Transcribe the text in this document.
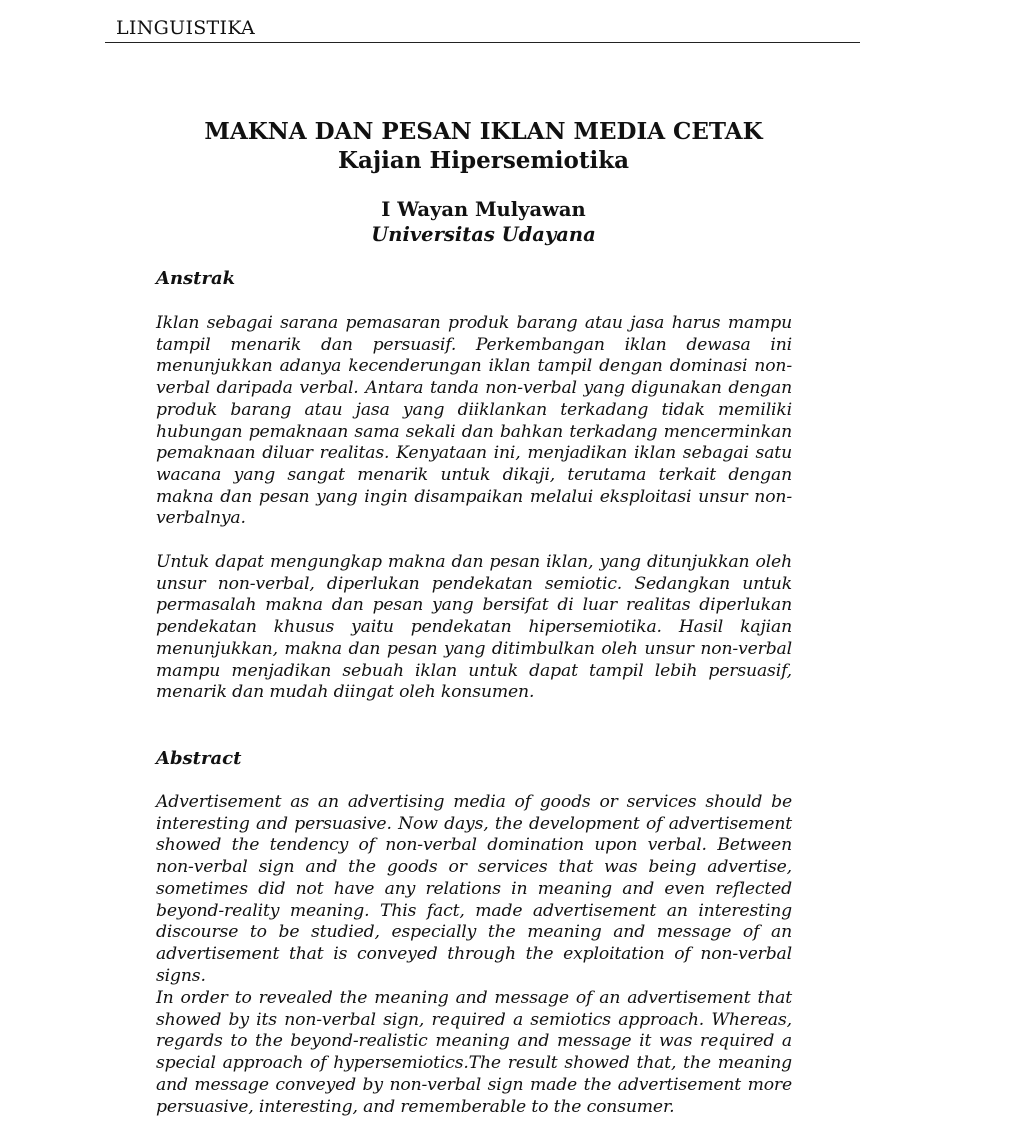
LINGUISTIKA
MAKNA DAN PESAN IKLAN MEDIA CETAK
Kajian Hipersemiotika
I Wayan Mulyawan
Universitas Udayana
Anstrak
Iklan sebagai sarana pemasaran produk barang atau jasa harus mampu tampil menarik dan persuasif. Perkembangan iklan dewasa ini menunjukkan adanya kecenderungan iklan tampil dengan dominasi non-verbal daripada verbal. Antara tanda non-verbal yang digunakan dengan produk barang atau jasa yang diiklankan terkadang tidak memiliki hubungan pemaknaan sama sekali dan bahkan terkadang mencerminkan pemaknaan diluar realitas. Kenyataan ini, menjadikan iklan sebagai satu wacana yang sangat menarik untuk dikaji, terutama terkait dengan makna dan pesan yang ingin disampaikan melalui eksploitasi unsur non-verbalnya.
Untuk dapat mengungkap makna dan pesan iklan, yang ditunjukkan oleh unsur non-verbal, diperlukan pendekatan semiotic. Sedangkan untuk permasalah makna dan pesan yang bersifat di luar realitas diperlukan pendekatan khusus yaitu pendekatan hipersemiotika. Hasil kajian menunjukkan, makna dan pesan yang ditimbulkan oleh unsur non-verbal mampu menjadikan sebuah iklan untuk dapat tampil lebih persuasif, menarik dan mudah diingat oleh konsumen.
Abstract
Advertisement as an advertising media of goods or services should be interesting and persuasive. Now days, the development of advertisement showed the tendency of non-verbal domination upon verbal. Between non-verbal sign and the goods or services that was being advertise, sometimes did not have any relations in meaning and even reflected beyond-reality meaning. This fact, made advertisement an interesting discourse to be studied, especially the meaning and message of an advertisement that is conveyed through the exploitation of non-verbal signs.
In order to revealed the meaning and message of an advertisement that showed by its non-verbal sign, required a semiotics approach. Whereas, regards to the beyond-realistic meaning and message it was required a special approach of hypersemiotics.The result showed that, the meaning and message conveyed by non-verbal sign made the advertisement more persuasive, interesting, and rememberable to the consumer.
